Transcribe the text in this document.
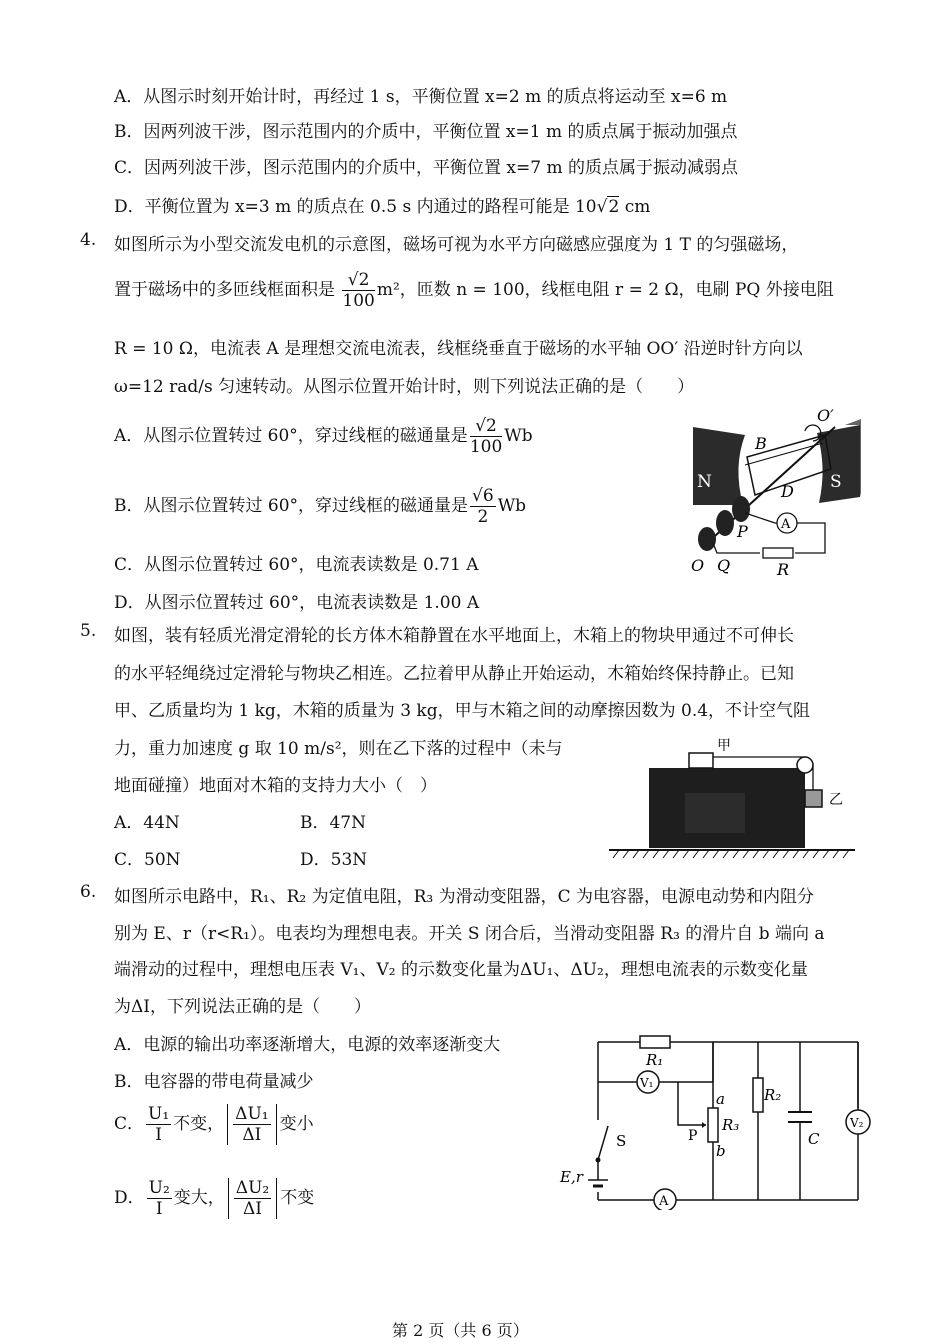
A．从图示时刻开始计时，再经过 1 s，平衡位置 x=2 m 的质点将运动至 x=6 m
B．因两列波干涉，图示范围内的介质中，平衡位置 x=1 m 的质点属于振动加强点
C．因两列波干涉，图示范围内的介质中，平衡位置 x=7 m 的质点属于振动减弱点
D．平衡位置为 x=3 m 的质点在 0.5 s 内通过的路程可能是 10√2 cm
4. 如图所示为小型交流发电机的示意图，磁场可视为水平方向磁感应强度为 1 T 的匀强磁场，
置于磁场中的多匝线框面积是 $\frac{√2}{100} m^2$，匝数 n = 100，线框电阻 r = 2 Ω，电刷 PQ 外接电阻
R = 10 Ω，电流表 A 是理想交流电流表，线框绕垂直于磁场的水平轴 OO′ 沿逆时针方向以
ω=12 rad/s 匀速转动。从图示位置开始计时，则下列说法正确的是（　　）
A．从图示位置转过 60°，穿过线框的磁通量是 $\frac{√2}{100}$ Wb
B．从图示位置转过 60°，穿过线框的磁通量是 $\frac{√6}{2}$ Wb
C．从图示位置转过 60°，电流表读数是 0.71 A
D．从图示位置转过 60°，电流表读数是 1.00 A
N	S
A
B
D
O′
P
O Q	R
5. 如图，装有轻质光滑定滑轮的长方体木箱静置在水平地面上，木箱上的物块甲通过不可伸长
的水平轻绳绕过定滑轮与物块乙相连。乙拉着甲从静止开始运动，木箱始终保持静止。已知
甲、乙质量均为 1 kg，木箱的质量为 3 kg，甲与木箱之间的动摩擦因数为 0.4，不计空气阻
力，重力加速度 g 取 10 m/s²，则在乙下落的过程中（未与
地面碰撞）地面对木箱的支持力大小（　）
A．44N	B．47N
C．50N	D．53N
甲
乙
6. 如图所示电路中，R₁、R₂ 为定值电阻，R₃ 为滑动变阻器，C 为电容器，电源电动势和内阻分
别为 E、r（r<R₁）。电表均为理想电表。开关 S 闭合后，当滑动变阻器 R₃ 的滑片自 b 端向 a
端滑动的过程中，理想电压表 V₁、V₂ 的示数变化量为ΔU₁、ΔU₂，理想电流表的示数变化量
为ΔI，下列说法正确的是（　　）
A．电源的输出功率逐渐增大，电源的效率逐渐变大
B．电容器的带电荷量减少
C． $\frac{\text{U₁}}{I}$ 不变， $\frac{\text{ΔU₁}}{\Delta I}$ 变小
D． $\frac{\text{U₂}}{I}$ 变大， $\frac{\text{ΔU₂}}{\Delta I}$ 不变
V₁
V₂
A
R₁
R₂
R₃
a
b
P	C
S
E,r
第 2 页（共 6 页）
